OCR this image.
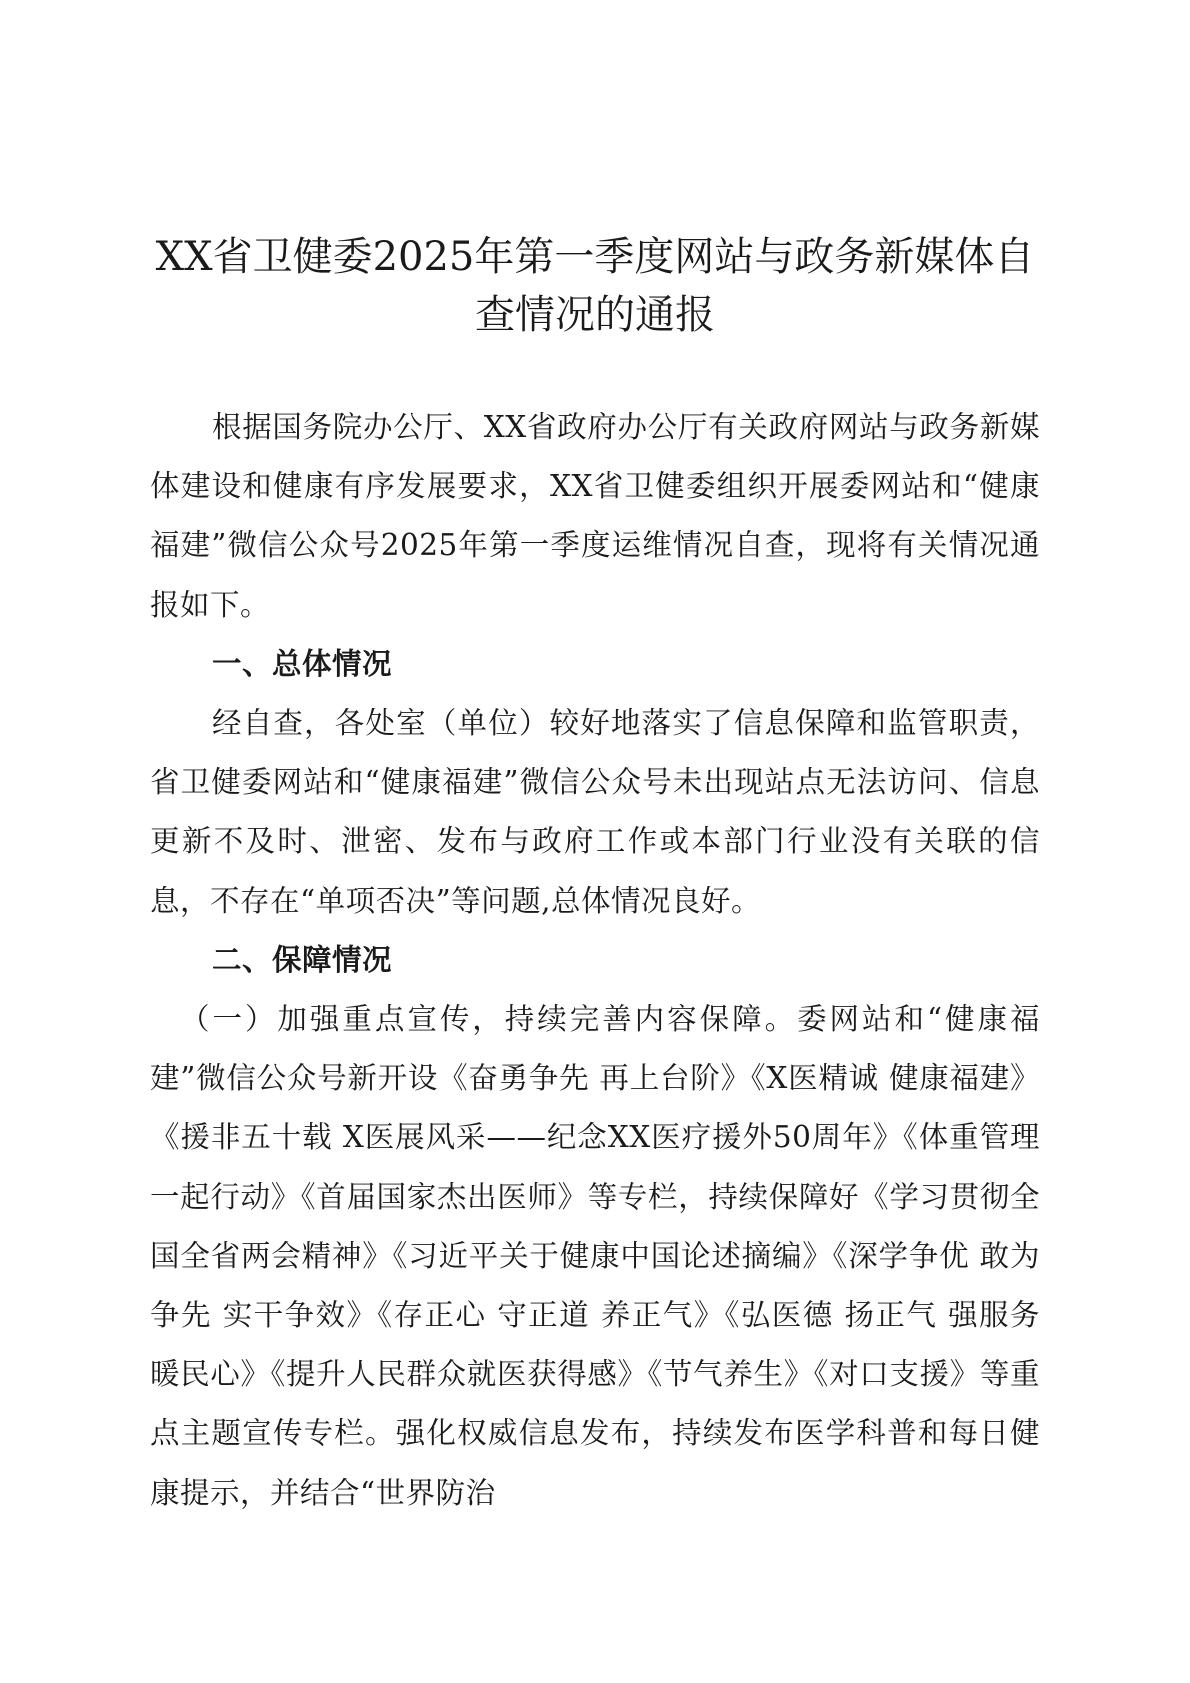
XX省卫健委2025年第一季度网站与政务新媒体自查情况的通报

根据国务院办公厅、XX省政府办公厅有关政府网站与政务新媒体建设和健康有序发展要求，XX省卫健委组织开展委网站和“健康福建”微信公众号2025年第一季度运维情况自查，现将有关情况通报如下。

一、总体情况

经自查，各处室（单位）较好地落实了信息保障和监管职责，省卫健委网站和“健康福建”微信公众号未出现站点无法访问、信息更新不及时、泄密、发布与政府工作或本部门行业没有关联的信息，不存在“单项否决”等问题,总体情况良好。

二、保障情况

（一）加强重点宣传，持续完善内容保障。委网站和“健康福建”微信公众号新开设《奋勇争先 再上台阶》《X医精诚 健康福建》《援非五十载 X医展风采——纪念XX医疗援外50周年》《体重管理 一起行动》《首届国家杰出医师》等专栏，持续保障好《学习贯彻全国全省两会精神》《习近平关于健康中国论述摘编》《深学争优 敢为争先 实干争效》《存正心 守正道 养正气》《弘医德 扬正气 强服务 暖民心》《提升人民群众就医获得感》《节气养生》《对口支援》等重点主题宣传专栏。强化权威信息发布，持续发布医学科普和每日健康提示，并结合“世界防治
